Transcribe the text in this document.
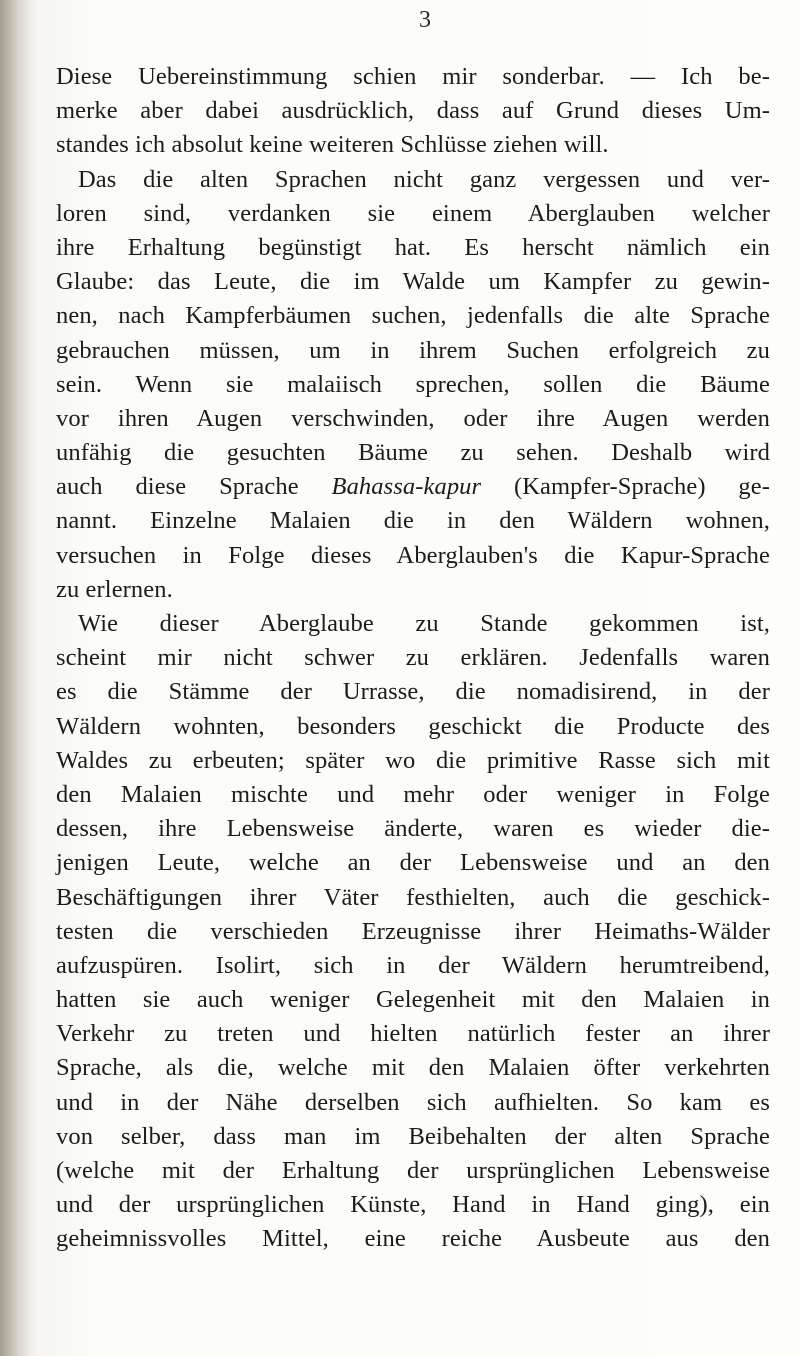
3
Diese Uebereinstimmung schien mir sonderbar. — Ich be-
merke aber dabei ausdrücklich, dass auf Grund dieses Um-
standes ich absolut keine weiteren Schlüsse ziehen will.
Das die alten Sprachen nicht ganz vergessen und ver-
loren sind, verdanken sie einem Aberglauben welcher
ihre Erhaltung begünstigt hat. Es herscht nämlich ein
Glaube: das Leute, die im Walde um Kampfer zu gewin-
nen, nach Kampferbäumen suchen, jedenfalls die alte Sprache
gebrauchen müssen, um in ihrem Suchen erfolgreich zu
sein. Wenn sie malaiisch sprechen, sollen die Bäume
vor ihren Augen verschwinden, oder ihre Augen werden
unfähig die gesuchten Bäume zu sehen. Deshalb wird
auch diese Sprache Bahassa-kapur (Kampfer-Sprache) ge-
nannt. Einzelne Malaien die in den Wäldern wohnen,
versuchen in Folge dieses Aberglauben's die Kapur-Sprache
zu erlernen.
Wie dieser Aberglaube zu Stande gekommen ist,
scheint mir nicht schwer zu erklären. Jedenfalls waren
es die Stämme der Urrasse, die nomadisirend, in der
Wäldern wohnten, besonders geschickt die Producte des
Waldes zu erbeuten; später wo die primitive Rasse sich mit
den Malaien mischte und mehr oder weniger in Folge
dessen, ihre Lebensweise änderte, waren es wieder die-
jenigen Leute, welche an der Lebensweise und an den
Beschäftigungen ihrer Väter festhielten, auch die geschick-
testen die verschieden Erzeugnisse ihrer Heimaths-Wälder
aufzuspüren. Isolirt, sich in der Wäldern herumtreibend,
hatten sie auch weniger Gelegenheit mit den Malaien in
Verkehr zu treten und hielten natürlich fester an ihrer
Sprache, als die, welche mit den Malaien öfter verkehrten
und in der Nähe derselben sich aufhielten. So kam es
von selber, dass man im Beibehalten der alten Sprache
(welche mit der Erhaltung der ursprünglichen Lebensweise
und der ursprünglichen Künste, Hand in Hand ging), ein
geheimnissvolles Mittel, eine reiche Ausbeute aus den
